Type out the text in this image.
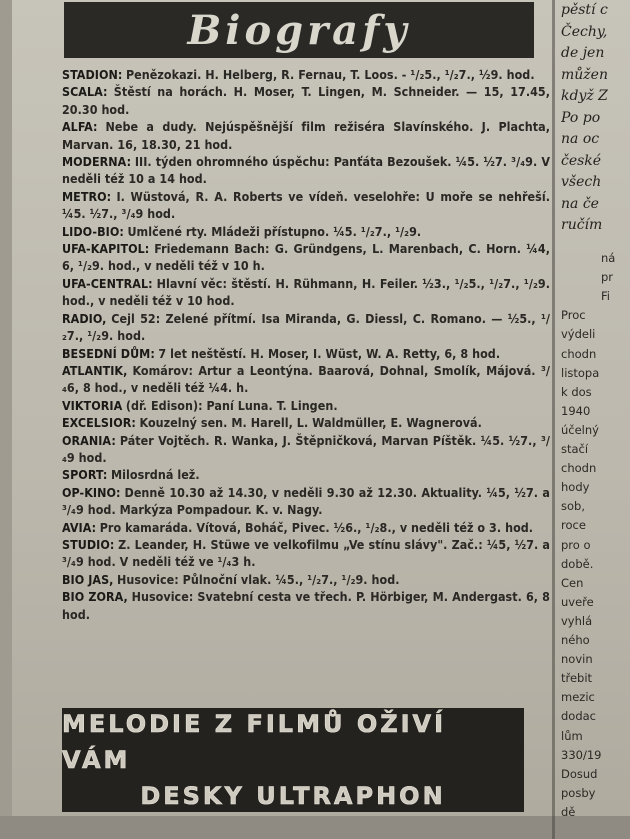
Biografy

STADION: Penězokazi. H. Helberg, R. Fernau, T. Loos. - ¹/₂5., ¹/₂7., ½9. hod.

SCALA: Štěstí na horách. H. Moser, T. Lingen, M. Schneider. — 15, 17.45, 20.30 hod.

ALFA: Nebe a dudy. Nejúspěšnější film režiséra Slavínského. J. Plachta, Marvan. 16, 18.30, 21 hod.

MODERNA: III. týden ohromného úspěchu: Panťáta Bezoušek. ¼5. ½7. ³/₄9. V neděli též 10 a 14 hod.

METRO: I. Wüstová, R. A. Roberts ve vídeň. veselohře: U moře se nehřeší. ¼5. ½7., ³/₄9 hod.

LIDO-BIO: Umlčené rty. Mládeži přístupno. ¼5. ¹/₂7., ¹/₂9.

UFA-KAPITOL: Friedemann Bach: G. Gründgens, L. Marenbach, C. Horn. ¼4, 6, ¹/₂9. hod., v neděli též v 10 h.

UFA-CENTRAL: Hlavní věc: štěstí. H. Rühmann, H. Feiler. ½3., ¹/₂5., ¹/₂7., ¹/₂9. hod., v neděli též v 10 hod.

RADIO, Cejl 52: Zelené přítmí. Isa Miranda, G. Diessl, C. Romano. — ½5., ¹/₂7., ¹/₂9. hod.

BESEDNÍ DŮM: 7 let neštěstí. H. Moser, I. Wüst, W. A. Retty, 6, 8 hod.

ATLANTIK, Komárov: Artur a Leontýna. Baarová, Dohnal, Smolík, Májová. ³/₄6, 8 hod., v neděli též ¼4. h.

VIKTORIA (dř. Edison): Paní Luna. T. Lingen.

EXCELSIOR: Kouzelný sen. M. Harell, L. Waldmüller, E. Wagnerová.

ORANIA: Páter Vojtěch. R. Wanka, J. Štěpničková, Marvan Píštěk. ¼5. ½7., ³/₄9 hod.

SPORT: Milosrdná lež.

OP-KINO: Denně 10.30 až 14.30, v neděli 9.30 až 12.30. Aktuality. ¼5, ½7. a ³/₄9 hod. Markýza Pompadour. K. v. Nagy.

AVIA: Pro kamaráda. Vítová, Boháč, Pivec. ½6., ¹/₂8., v neděli též o 3. hod.

STUDIO: Z. Leander, H. Stüwe ve velkofilmu „Ve stínu slávy". Zač.: ¼5, ½7. a ³/₄9 hod. V neděli též ve ¹/₄3 h.

BIO JAS, Husovice: Půlnoční vlak. ¼5., ¹/₂7., ¹/₂9. hod.

BIO ZORA, Husovice: Svatební cesta ve třech. P. Hörbiger, M. Andergast. 6, 8 hod.

MELODIE Z FILMŮ OŽIVÍ VÁM
DESKY ULTRAPHON
pěstí c
Čechy,
de jen
můžen
když Z
Po po
na oc
české
všech
na če
ručím
ná
pr
Fi
Proc
výdeli
chodn
listopa
k dos
1940
účelný
stačí
chodn
hody
sob,
roce
pro o
době.
Cen
uveře
vyhlá
ného
novin
třebit
mezic
dodac
lům
330/19
Dosud
posby
dě
